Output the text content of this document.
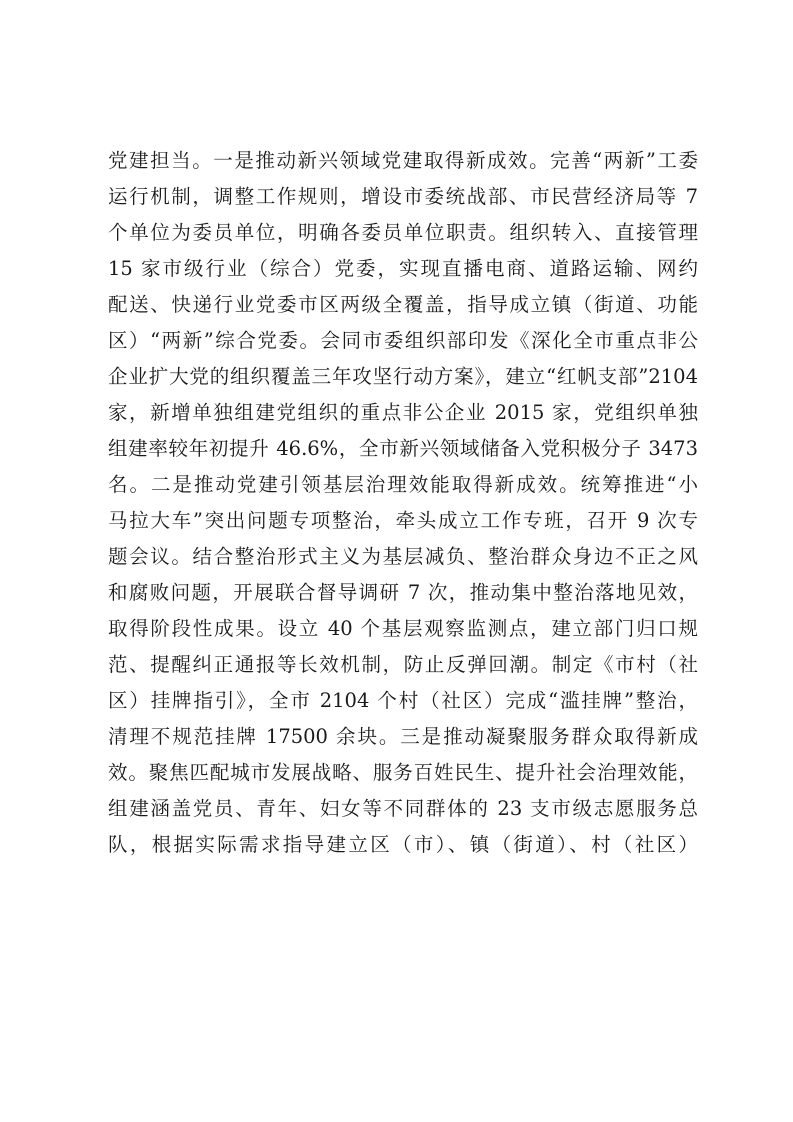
党建担当。一是推动新兴领域党建取得新成效。完善“两新”工委
运行机制，调整工作规则，增设市委统战部、市民营经济局等 7
个单位为委员单位，明确各委员单位职责。组织转入、直接管理
15 家市级行业（综合）党委，实现直播电商、道路运输、网约
配送、快递行业党委市区两级全覆盖，指导成立镇（街道、功能
区）“两新”综合党委。会同市委组织部印发《深化全市重点非公
企业扩大党的组织覆盖三年攻坚行动方案》，建立“红帆支部”2104
家，新增单独组建党组织的重点非公企业 2015 家，党组织单独
组建率较年初提升 46.6%，全市新兴领域储备入党积极分子 3473
名。二是推动党建引领基层治理效能取得新成效。统筹推进“小
马拉大车”突出问题专项整治，牵头成立工作专班，召开 9 次专
题会议。结合整治形式主义为基层减负、整治群众身边不正之风
和腐败问题，开展联合督导调研 7 次，推动集中整治落地见效，
取得阶段性成果。设立 40 个基层观察监测点，建立部门归口规
范、提醒纠正通报等长效机制，防止反弹回潮。制定《市村（社
区）挂牌指引》，全市 2104 个村（社区）完成“滥挂牌”整治，
清理不规范挂牌 17500 余块。三是推动凝聚服务群众取得新成
效。聚焦匹配城市发展战略、服务百姓民生、提升社会治理效能，
组建涵盖党员、青年、妇女等不同群体的 23 支市级志愿服务总
队，根据实际需求指导建立区（市）、镇（街道）、村（社区）
